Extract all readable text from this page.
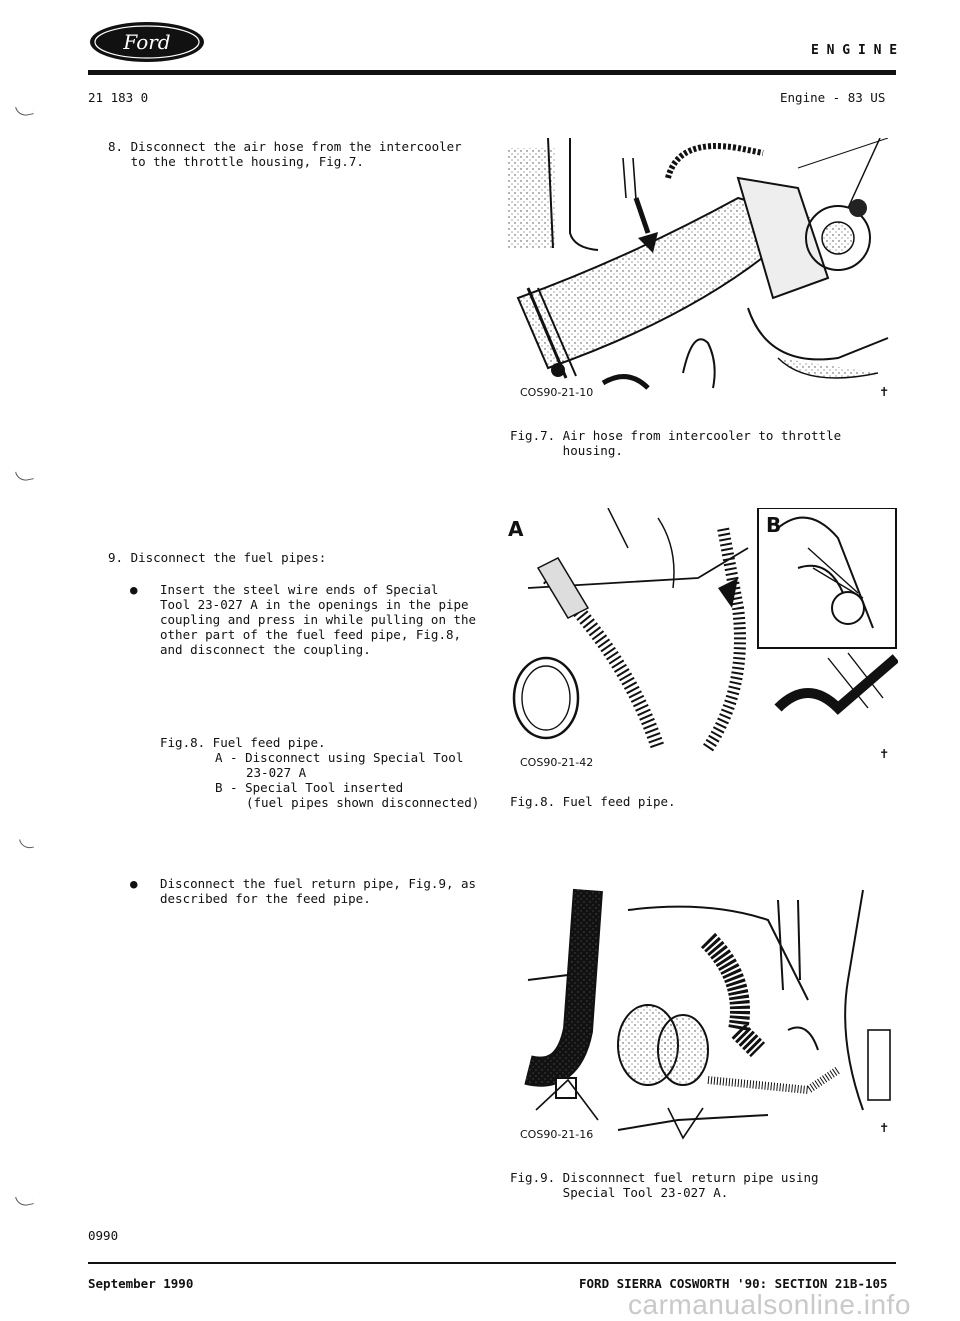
Ford	E N G I N E
21 183 0	Engine - 83 US
8. Disconnect the air hose from the intercooler
to the throttle housing, Fig.7.
9. Disconnect the fuel pipes:
● Insert the steel wire ends of Special
Tool 23-027 A in the openings in the pipe
coupling and press in while pulling on the
other part of the fuel feed pipe, Fig.8,
and disconnect the coupling.
Fig.8. Fuel feed pipe.
A - Disconnect using Special Tool
23-027 A
B - Special Tool inserted
(fuel pipes shown disconnected)
● Disconnect the fuel return pipe, Fig.9, as
described for the feed pipe.
COS90-21-10	✝
Fig.7. Air hose from intercooler to throttle
housing.
A	B
COS90-21-42
✝
Fig.8. Fuel feed pipe.
COS90-21-16	✝
Fig.9. Disconnnect fuel return pipe using
Special Tool 23-027 A.
0990
September 1990	FORD SIERRA COSWORTH '90: SECTION 21B-105
carmanualsonline.info
